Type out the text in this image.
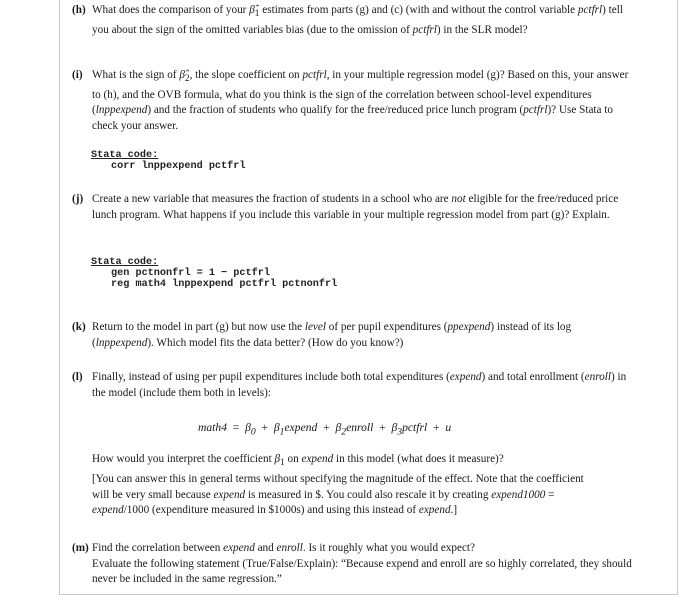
(h) What does the comparison of your $\betâ_1$ estimates from parts (g) and (c) (with and without the control variable pctfrl) tell you about the sign of the omitted variables bias (due to the omission of pctfrl) in the SLR model?
(i) What is the sign of $\betâ_2$, the slope coefficient on pctfrl, in your multiple regression model (g)? Based on this, your answer to (h), and the OVB formula, what do you think is the sign of the correlation between school-level expenditures (lnppexpend) and the fraction of students who qualify for the free/reduced price lunch program (pctfrl)? Use Stata to check your answer.
Stata code:
corr lnppexpend pctfrl
(j) Create a new variable that measures the fraction of students in a school who are not eligible for the free/reduced price lunch program. What happens if you include this variable in your multiple regression model from part (g)? Explain.
Stata code:
gen pctnonfrl = 1 − pctfrl
reg math4 lnppexpend pctfrl pctnonfrl
(k) Return to the model in part (g) but now use the level of per pupil expenditures (ppexpend) instead of its log (lnppexpend). Which model fits the data better? (How do you know?)
(l) Finally, instead of using per pupil expenditures include both total expenditures (expend) and total enrollment (enroll) in the model (include them both in levels):
math4 = $\beta_0$ + $\beta_1expend$ + $\beta_2enroll$ + $\beta_3pctfrl + u$
How would you interpret the coefficient $\beta_1$ on expend in this model (what does it measure)?
[You can answer this in general terms without specifying the magnitude of the effect. Note that the coefficient will be very small because expend is measured in $. You could also rescale it by creating expend1000 = expend/1000 (expenditure measured in $1000s) and using this instead of expend.]
(m) Find the correlation between expend and enroll. Is it roughly what you would expect?
Evaluate the following statement (True/False/Explain): “Because expend and enroll are so highly correlated, they should never be included in the same regression.”
